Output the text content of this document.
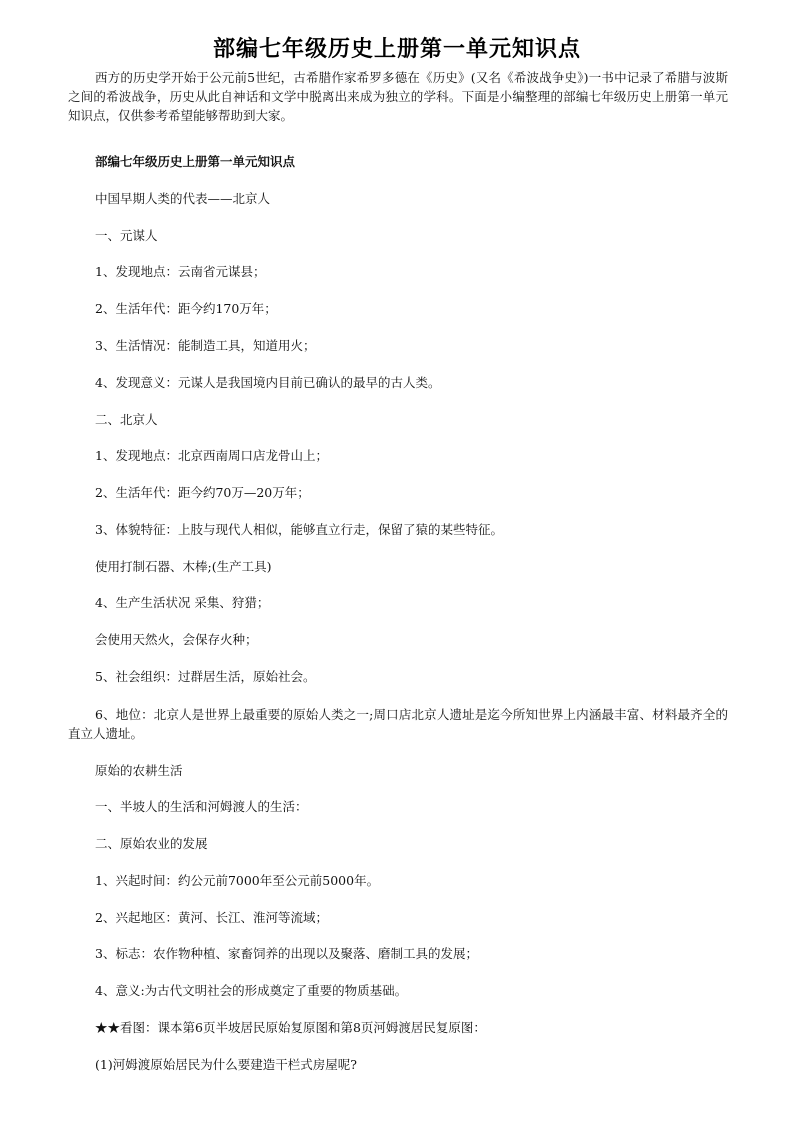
部编七年级历史上册第一单元知识点

西方的历史学开始于公元前5世纪，古希腊作家希罗多德在《历史》(又名《希波战争史》)一书中记录了希腊与波斯之间的希波战争，历史从此自神话和文学中脱离出来成为独立的学科。下面是小编整理的部编七年级历史上册第一单元知识点，仅供参考希望能够帮助到大家。

部编七年级历史上册第一单元知识点

中国早期人类的代表——北京人

一、元谋人

1、发现地点：云南省元谋县；

2、生活年代：距今约170万年；

3、生活情况：能制造工具，知道用火；

4、发现意义：元谋人是我国境内目前已确认的最早的古人类。

二、北京人

1、发现地点：北京西南周口店龙骨山上；

2、生活年代：距今约70万—20万年；

3、体貌特征：上肢与现代人相似，能够直立行走，保留了猿的某些特征。

使用打制石器、木棒;(生产工具)

4、生产生活状况 采集、狩猎；

会使用天然火，会保存火种；

5、社会组织：过群居生活，原始社会。

6、地位：北京人是世界上最重要的原始人类之一;周口店北京人遗址是迄今所知世界上内涵最丰富、材料最齐全的直立人遗址。

原始的农耕生活

一、半坡人的生活和河姆渡人的生活：

二、原始农业的发展

1、兴起时间：约公元前7000年至公元前5000年。

2、兴起地区：黄河、长江、淮河等流域；

3、标志：农作物种植、家畜饲养的出现以及聚落、磨制工具的发展；

4、意义:为古代文明社会的形成奠定了重要的物质基础。

★★看图：课本第6页半坡居民原始复原图和第8页河姆渡居民复原图：

(1)河姆渡原始居民为什么要建造干栏式房屋呢?
